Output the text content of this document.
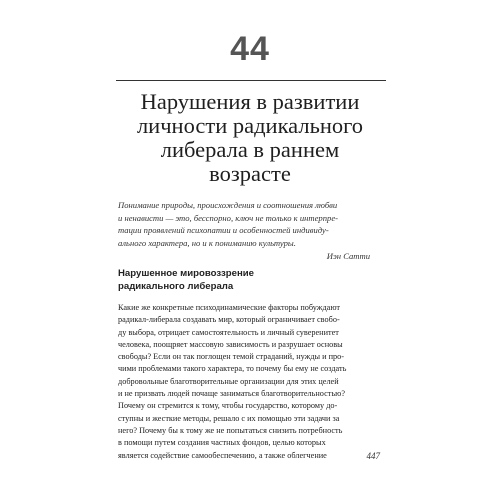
44
Нарушения в развитии
личности радикального
либерала в раннем
возрасте
Понимание природы, происхождения и соотношения любви
и ненависти — это, бесспорно, ключ не только к интерпре-
тации проявлений психопатии и особенностей индивиду-
ального характера, но и к пониманию культуры.
Иэн Сатти
Нарушенное мировоззрение
радикального либерала
Какие же конкретные психодинамические факторы побуждают
радикал-либерала создавать мир, который ограничивает свобо-
ду выбора, отрицает самостоятельность и личный суверенитет
человека, поощряет массовую зависимость и разрушает основы
свободы? Если он так поглощен темой страданий, нужды и про-
чими проблемами такого характера, то почему бы ему не создать
добровольные благотворительные организации для этих целей
и не призвать людей почаще заниматься благотворительностью?
Почему он стремится к тому, чтобы государство, которому до-
ступны и жесткие методы, решало с их помощью эти задачи за
него? Почему бы к тому же не попытаться снизить потребность
в помощи путем создания частных фондов, целью которых
является содействие самообеспечению, а также облегчение	447
